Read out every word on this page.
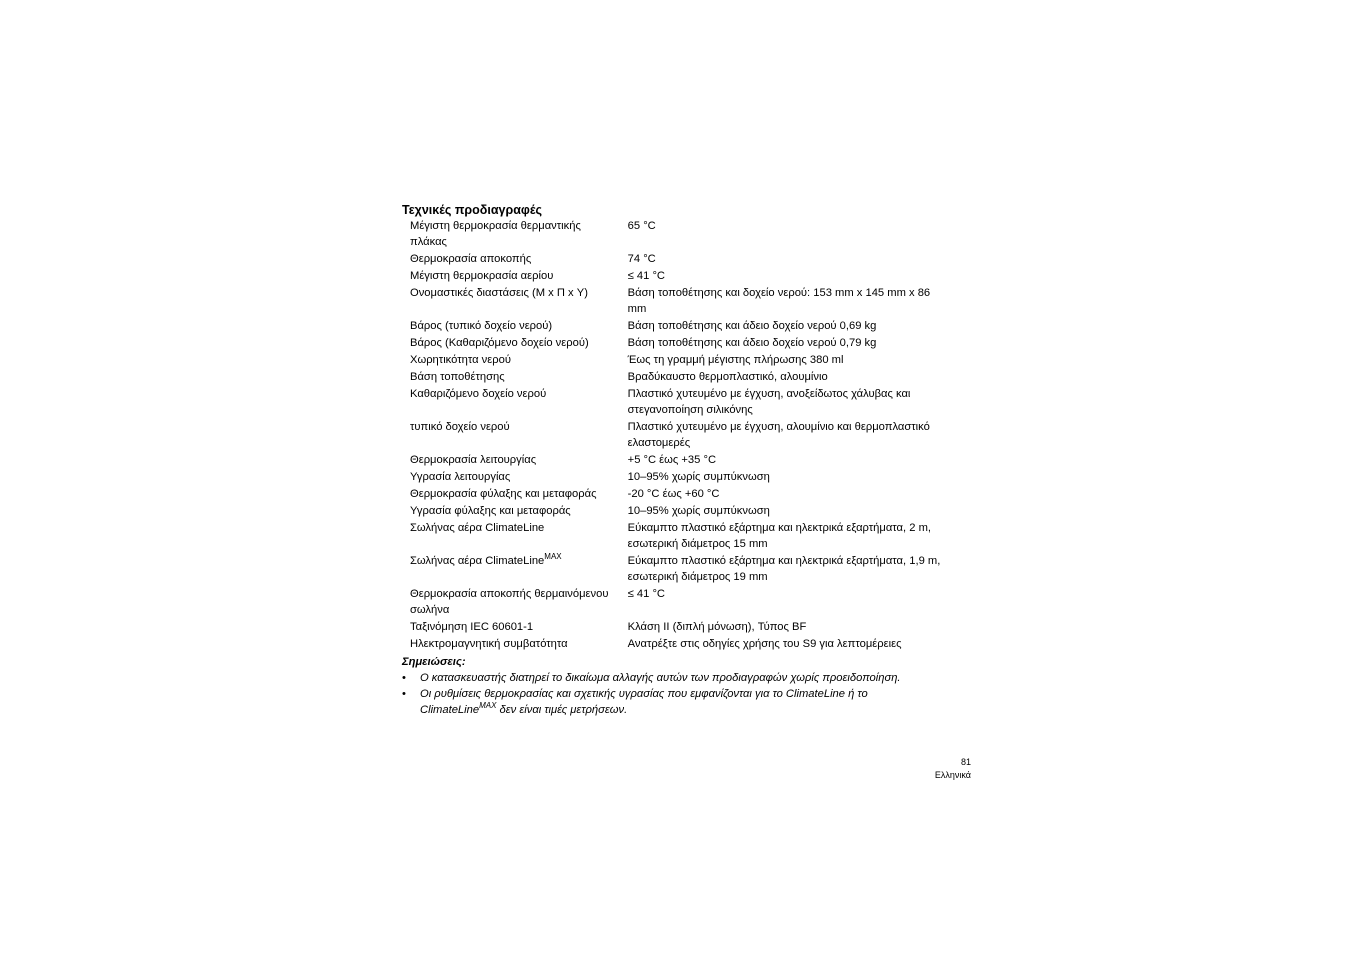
Τεχνικές προδιαγραφές
Μέγιστη θερμοκρασία θερμαντικής πλάκας	65 °C
Θερμοκρασία αποκοπής	74 °C
Μέγιστη θερμοκρασία αερίου	≤ 41 °C
Ονομαστικές διαστάσεις (Μ x Π x Υ)	Βάση τοποθέτησης και δοχείο νερού: 153 mm x 145 mm x 86 mm
Βάρος (τυπικό δοχείο νερού)	Βάση τοποθέτησης και άδειο δοχείο νερού 0,69 kg
Βάρος (Καθαριζόμενο δοχείο νερού)	Βάση τοποθέτησης και άδειο δοχείο νερού 0,79 kg
Χωρητικότητα νερού	Έως τη γραμμή μέγιστης πλήρωσης 380 ml
Βάση τοποθέτησης	Βραδύκαυστο θερμοπλαστικό, αλουμίνιο
Καθαριζόμενο δοχείο νερού	Πλαστικό χυτευμένο με έγχυση, ανοξείδωτος χάλυβας και στεγανοποίηση σιλικόνης
τυπικό δοχείο νερού	Πλαστικό χυτευμένο με έγχυση, αλουμίνιο και θερμοπλαστικό ελαστομερές
Θερμοκρασία λειτουργίας	+5 °C έως +35 °C
Υγρασία λειτουργίας	10–95% χωρίς συμπύκνωση
Θερμοκρασία φύλαξης και μεταφοράς	-20 °C έως +60 °C
Υγρασία φύλαξης και μεταφοράς	10–95% χωρίς συμπύκνωση
Σωλήνας αέρα ClimateLine	Εύκαμπτο πλαστικό εξάρτημα και ηλεκτρικά εξαρτήματα, 2 m, εσωτερική διάμετρος 15 mm
Σωλήνας αέρα ClimateLine$^{MAX}$	Εύκαμπτο πλαστικό εξάρτημα και ηλεκτρικά εξαρτήματα, 1,9 m, εσωτερική διάμετρος 19 mm
Θερμοκρασία αποκοπής θερμαινόμενου σωλήνα	≤ 41 °C
Ταξινόμηση IEC 60601-1	Κλάση II (διπλή μόνωση), Τύπος BF
Ηλεκτρομαγνητική συμβατότητα	Ανατρέξτε στις οδηγίες χρήσης του S9 για λεπτομέρειες
Σημειώσεις:
• Ο κατασκευαστής διατηρεί το δικαίωμα αλλαγής αυτών των προδιαγραφών χωρίς προειδοποίηση.
• Οι ρυθμίσεις θερμοκρασίας και σχετικής υγρασίας που εμφανίζονται για το ClimateLine ή το ClimateLine$^{MAX}$ δεν είναι τιμές μετρήσεων.
81
Ελληνικά
